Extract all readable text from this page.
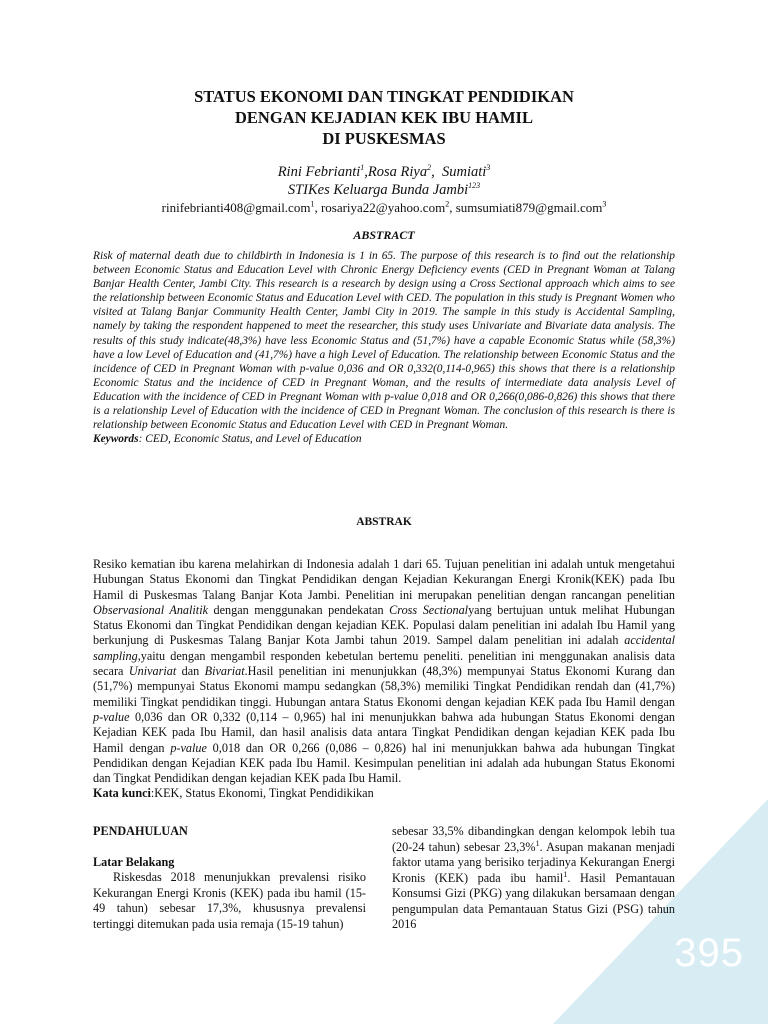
395
STATUS EKONOMI DAN TINGKAT PENDIDIKAN
DENGAN KEJADIAN KEK IBU HAMIL
DI PUSKESMAS
Rini Febrianti$^1$,Rosa Riya$^2$,  Sumiati$^3$
STIKes Keluarga Bunda Jambi$^{123}$
rinifebrianti408@gmail.com$^1$, rosariya22@yahoo.com$^2$, sumsumiati879@gmail.com$^3$
ABSTRACT

Risk of maternal death due to childbirth in Indonesia is 1 in 65. The purpose of this research is to find out the relationship between Economic Status and Education Level with Chronic Energy Deficiency events (CED in Pregnant Woman at Talang Banjar Health Center, Jambi City. This research is a research by design using a Cross Sectional approach which aims to see the relationship between Economic Status and Education Level with CED. The population in this study is Pregnant Women who visited at Talang Banjar Community Health Center, Jambi City in 2019. The sample in this study is Accidental Sampling, namely by taking the respondent happened to meet the researcher, this study uses Univariate and Bivariate data analysis. The results of this study indicate(48,3%) have less Economic Status and (51,7%) have a capable Economic Status while (58,3%) have a low Level of Education and (41,7%) have a high Level of Education. The relationship between Economic Status and the incidence of CED in Pregnant Woman with p-value 0,036 and OR 0,332(0,114-0,965) this shows that there is a relationship Economic Status and the incidence of CED in Pregnant Woman, and the results of intermediate data analysis Level of Education with the incidence of CED in Pregnant Woman with p-value 0,018 and OR 0,266(0,086-0,826) this shows that there is a relationship Level of Education with the incidence of CED in Pregnant Woman. The conclusion of this research is there is relationship between Economic Status and Education Level with CED in Pregnant Woman.
Keywords: CED, Economic Status, and Level of Education

ABSTRAK

Resiko kematian ibu karena melahirkan di Indonesia adalah 1 dari 65. Tujuan penelitian ini adalah untuk mengetahui Hubungan Status Ekonomi dan Tingkat Pendidikan dengan Kejadian Kekurangan Energi Kronik(KEK) pada Ibu Hamil di Puskesmas Talang Banjar Kota Jambi. Penelitian ini merupakan penelitian dengan rancangan penelitian Observasional Analitik dengan menggunakan pendekatan Cross Sectionalyang bertujuan untuk melihat Hubungan Status Ekonomi dan Tingkat Pendidikan dengan kejadian KEK. Populasi dalam penelitian ini adalah Ibu Hamil yang berkunjung di Puskesmas Talang Banjar Kota Jambi tahun 2019. Sampel dalam penelitian ini adalah accidental sampling,yaitu dengan mengambil responden kebetulan bertemu peneliti. penelitian ini menggunakan analisis data secara Univariat dan Bivariat.Hasil penelitian ini menunjukkan (48,3%) mempunyai Status Ekonomi Kurang dan (51,7%) mempunyai Status Ekonomi mampu sedangkan (58,3%) memiliki Tingkat Pendidikan rendah dan (41,7%) memiliki Tingkat pendidikan tinggi. Hubungan antara Status Ekonomi dengan kejadian KEK pada Ibu Hamil dengan p-value 0,036 dan OR 0,332 (0,114 – 0,965) hal ini menunjukkan bahwa ada hubungan Status Ekonomi dengan Kejadian KEK pada Ibu Hamil, dan hasil analisis data antara Tingkat Pendidikan dengan kejadian KEK pada Ibu Hamil dengan p-value 0,018 dan OR 0,266 (0,086 – 0,826) hal ini menunjukkan bahwa ada hubungan Tingkat Pendidikan dengan Kejadian KEK pada Ibu Hamil. Kesimpulan penelitian ini adalah ada hubungan Status Ekonomi dan Tingkat Pendidikan dengan kejadian KEK pada Ibu Hamil.
Kata kunci:KEK, Status Ekonomi, Tingkat Pendidikikan

PENDAHULUAN

Latar Belakang

Riskesdas 2018 menunjukkan prevalensi risiko Kekurangan Energi Kronis (KEK) pada ibu hamil (15-49 tahun) sebesar 17,3%, khususnya prevalensi tertinggi ditemukan pada usia remaja (15-19 tahun)

sebesar 33,5% dibandingkan dengan kelompok lebih tua (20-24 tahun) sebesar 23,3%$^1$. Asupan makanan menjadi faktor utama yang berisiko terjadinya Kekurangan Energi Kronis (KEK) pada ibu hamil$^1$. Hasil Pemantauan Konsumsi Gizi (PKG) yang dilakukan bersamaan dengan pengumpulan data Pemantauan Status Gizi (PSG) tahun 2016
